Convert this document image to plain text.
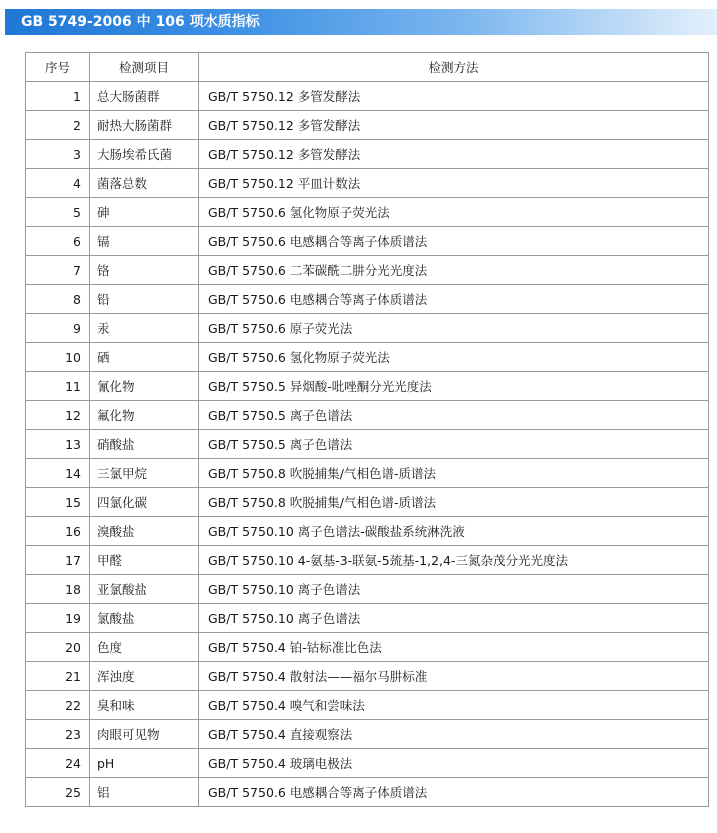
GB 5749-2006 中 106 项水质指标
序号	检测项目	检测方法
1	总大肠菌群	GB/T 5750.12 多管发酵法
2	耐热大肠菌群	GB/T 5750.12 多管发酵法
3	大肠埃希氏菌	GB/T 5750.12 多管发酵法
4	菌落总数	GB/T 5750.12 平皿计数法
5	砷	GB/T 5750.6 氢化物原子荧光法
6	镉	GB/T 5750.6 电感耦合等离子体质谱法
7	铬	GB/T 5750.6 二苯碳酰二肼分光光度法
8	铅	GB/T 5750.6 电感耦合等离子体质谱法
9	汞	GB/T 5750.6 原子荧光法
10	硒	GB/T 5750.6 氢化物原子荧光法
11	氰化物	GB/T 5750.5 异烟酸-吡唑酮分光光度法
12	氟化物	GB/T 5750.5 离子色谱法
13	硝酸盐	GB/T 5750.5 离子色谱法
14	三氯甲烷	GB/T 5750.8 吹脱捕集/气相色谱-质谱法
15	四氯化碳	GB/T 5750.8 吹脱捕集/气相色谱-质谱法
16	溴酸盐	GB/T 5750.10 离子色谱法-碳酸盐系统淋洗液
17	甲醛	GB/T 5750.10 4-氨基-3-联氨-5巯基-1,2,4-三氮杂茂分光光度法
18	亚氯酸盐	GB/T 5750.10 离子色谱法
19	氯酸盐	GB/T 5750.10 离子色谱法
20	色度	GB/T 5750.4 铂-钴标准比色法
21	浑浊度	GB/T 5750.4 散射法——福尔马肼标准
22	臭和味	GB/T 5750.4 嗅气和尝味法
23	肉眼可见物	GB/T 5750.4 直接观察法
24	pH	GB/T 5750.4 玻璃电极法
25	铝	GB/T 5750.6 电感耦合等离子体质谱法
